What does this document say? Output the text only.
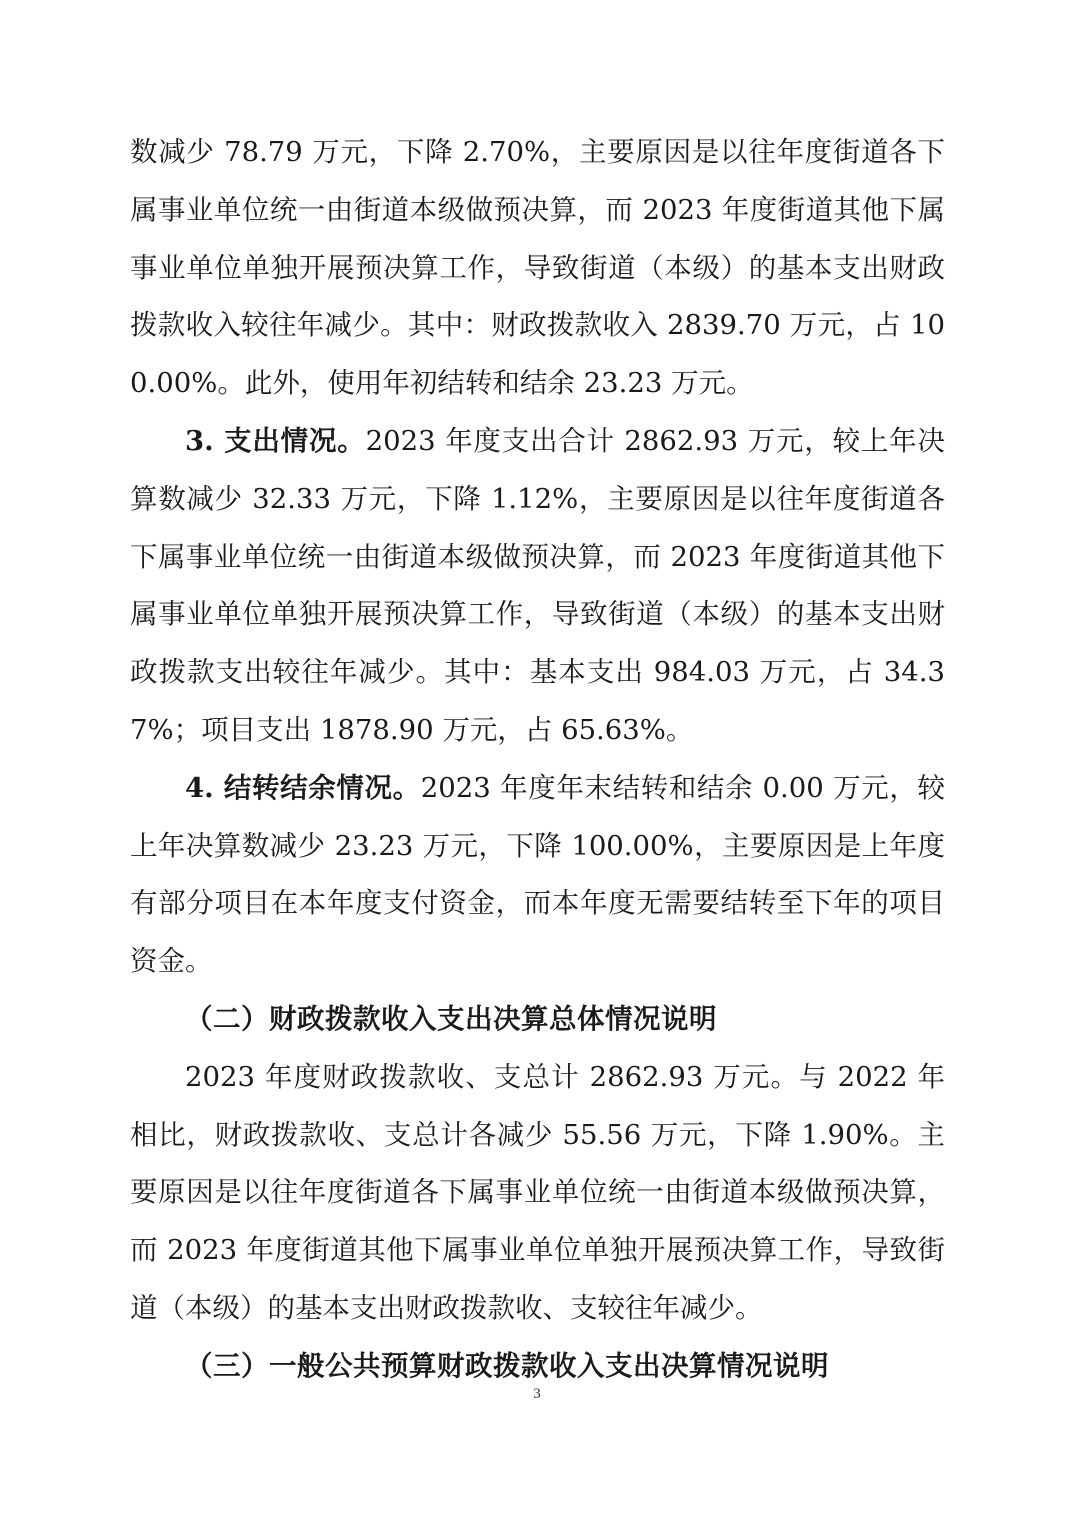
数减少 78.79 万元，下降 2.70%，主要原因是以往年度街道各下属事业单位统一由街道本级做预决算，而 2023 年度街道其他下属事业单位单独开展预决算工作，导致街道（本级）的基本支出财政拨款收入较往年减少。其中：财政拨款收入 2839.70 万元，占 100.00%。此外，使用年初结转和结余 23.23 万元。

3. 支出情况。2023 年度支出合计 2862.93 万元，较上年决算数减少 32.33 万元，下降 1.12%，主要原因是以往年度街道各下属事业单位统一由街道本级做预决算，而 2023 年度街道其他下属事业单位单独开展预决算工作，导致街道（本级）的基本支出财政拨款支出较往年减少。其中：基本支出 984.03 万元，占 34.37%；项目支出 1878.90 万元，占 65.63%。

4. 结转结余情况。2023 年度年末结转和结余 0.00 万元，较上年决算数减少 23.23 万元，下降 100.00%，主要原因是上年度有部分项目在本年度支付资金，而本年度无需要结转至下年的项目资金。

（二）财政拨款收入支出决算总体情况说明

2023 年度财政拨款收、支总计 2862.93 万元。与 2022 年相比，财政拨款收、支总计各减少 55.56 万元，下降 1.90%。主要原因是以往年度街道各下属事业单位统一由街道本级做预决算，而 2023 年度街道其他下属事业单位单独开展预决算工作，导致街道（本级）的基本支出财政拨款收、支较往年减少。

（三）一般公共预算财政拨款收入支出决算情况说明

3
